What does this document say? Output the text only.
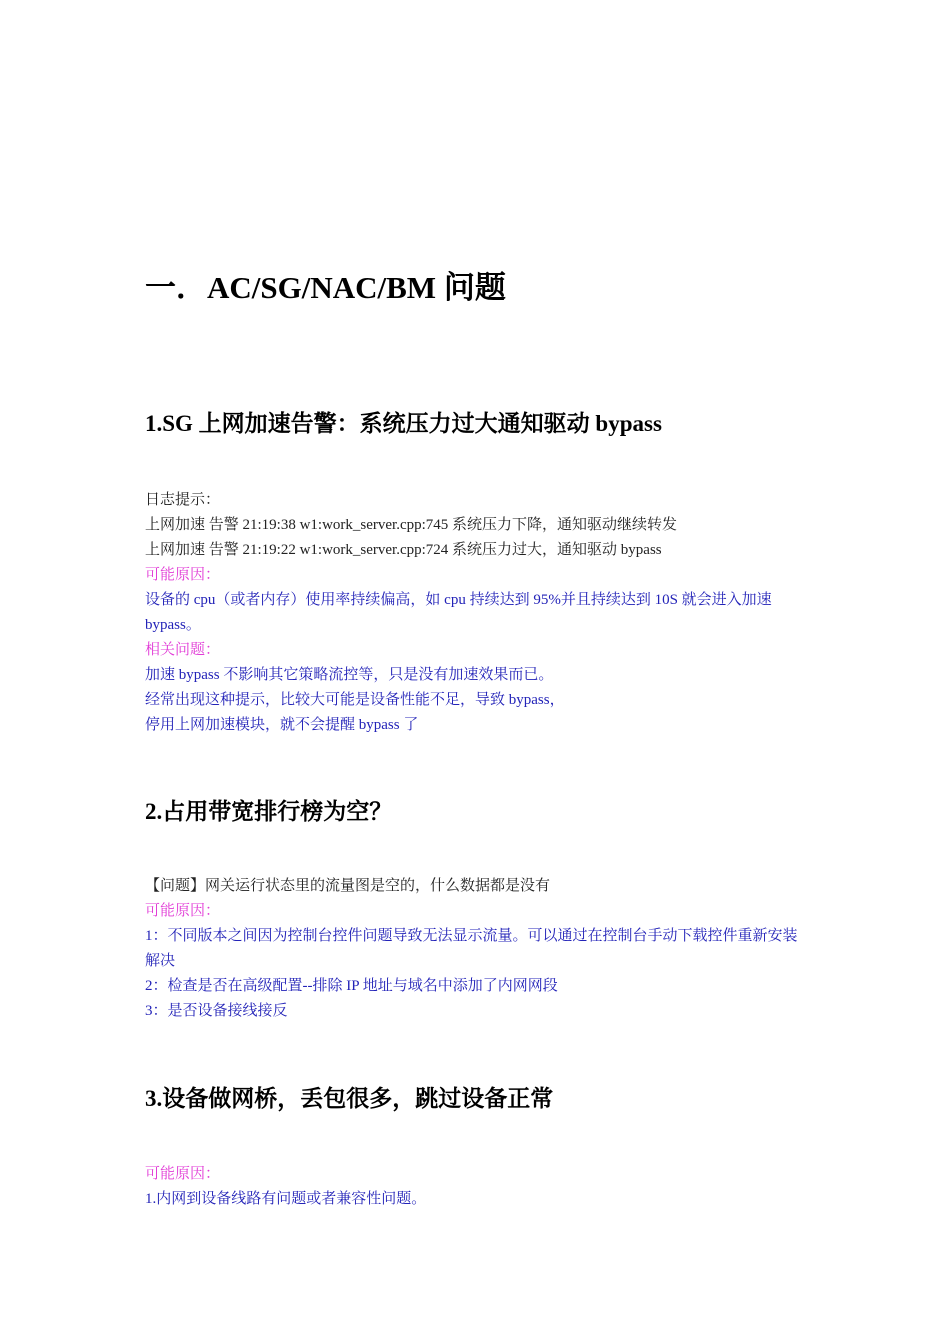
一．AC/SG/NAC/BM 问题
1.SG 上网加速告警：系统压力过大通知驱动 bypass
日志提示：
上网加速 告警 21:19:38 w1:work_server.cpp:745 系统压力下降，通知驱动继续转发
上网加速 告警 21:19:22 w1:work_server.cpp:724 系统压力过大，通知驱动 bypass
可能原因：
设备的 cpu（或者内存）使用率持续偏高，如 cpu 持续达到 95%并且持续达到 10S 就会进入加速 bypass。
相关问题：
加速 bypass 不影响其它策略流控等，只是没有加速效果而已。
经常出现这种提示，比较大可能是设备性能不足，导致 bypass，
停用上网加速模块，就不会提醒 bypass 了
2.占用带宽排行榜为空？
【问题】网关运行状态里的流量图是空的，什么数据都是没有
可能原因：
1：不同版本之间因为控制台控件问题导致无法显示流量。可以通过在控制台手动下载控件重新安装解决
2：检查是否在高级配置--排除 IP 地址与域名中添加了内网网段
3：是否设备接线接反
3.设备做网桥，丢包很多，跳过设备正常
可能原因：
1.内网到设备线路有问题或者兼容性问题。
